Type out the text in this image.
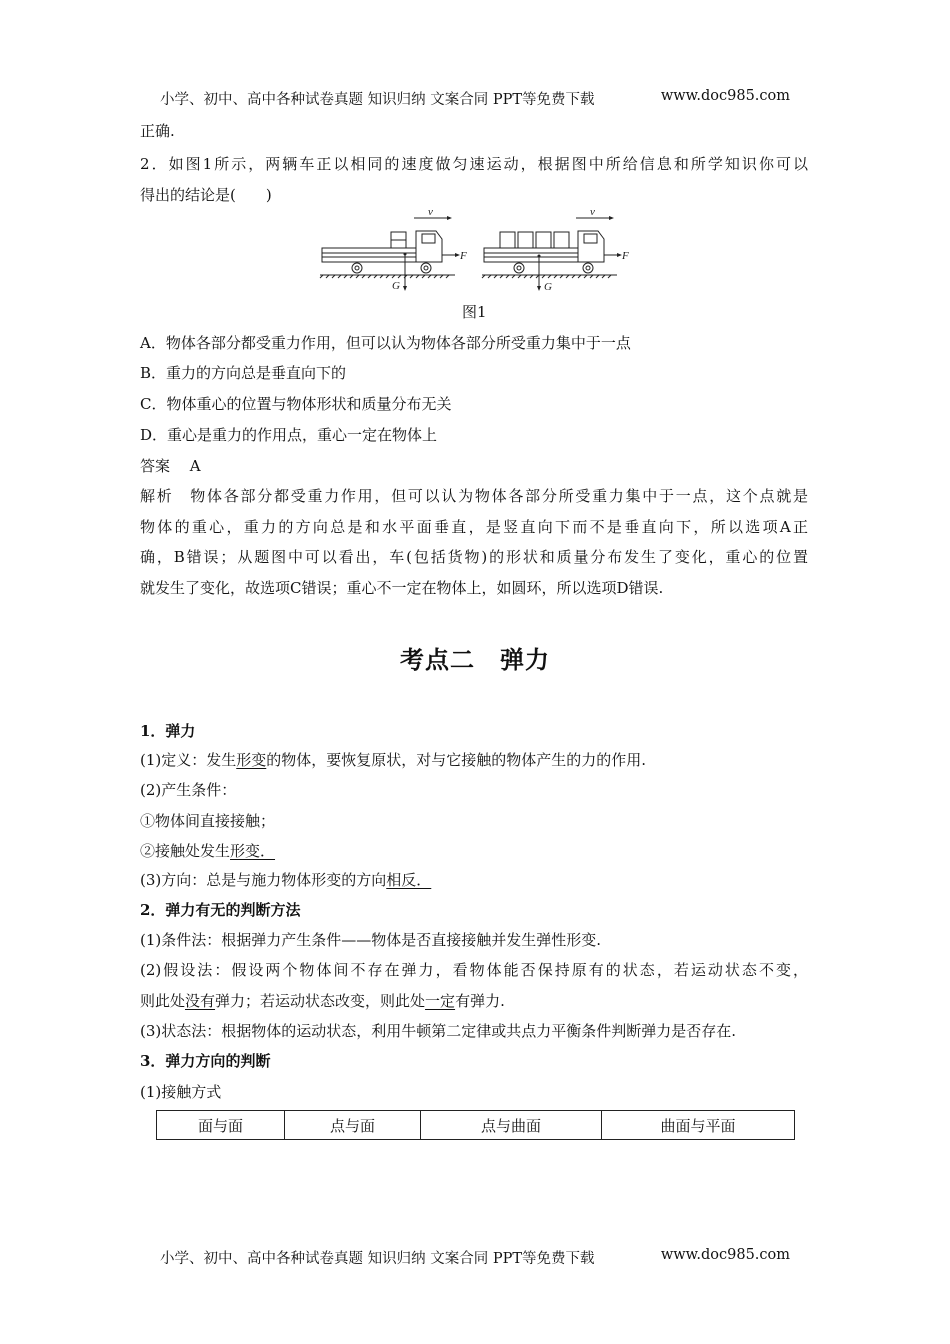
小学、初中、高中各种试卷真题 知识归纳 文案合同 PPT等免费下载	www.doc985.com
正确.
2．如图1所示，两辆车正以相同的速度做匀速运动，根据图中所给信息和所学知识你可以
得出的结论是(　　)
v
F
G
v
F
G
图1
A．物体各部分都受重力作用，但可以认为物体各部分所受重力集中于一点
B．重力的方向总是垂直向下的
C．物体重心的位置与物体形状和质量分布无关
D．重心是重力的作用点，重心一定在物体上
答案　 A
解析　 物体各部分都受重力作用，但可以认为物体各部分所受重力集中于一点，这个点就是
物体的重心，重力的方向总是和水平面垂直，是竖直向下而不是垂直向下，所以选项A正
确，B错误；从题图中可以看出，车(包括货物)的形状和质量分布发生了变化，重心的位置
就发生了变化，故选项C错误；重心不一定在物体上，如圆环，所以选项D错误.
考点二　弹力
1．弹力
(1)定义：发生形变的物体，要恢复原状，对与它接触的物体产生的力的作用.
(2)产生条件：
①物体间直接接触；
②接触处发生形变．
(3)方向：总是与施力物体形变的方向相反．
2．弹力有无的判断方法
(1)条件法：根据弹力产生条件——物体是否直接接触并发生弹性形变.
(2)假设法：假设两个物体间不存在弹力，看物体能否保持原有的状态，若运动状态不变，
则此处没有弹力；若运动状态改变，则此处一定有弹力.
(3)状态法：根据物体的运动状态，利用牛顿第二定律或共点力平衡条件判断弹力是否存在.
3．弹力方向的判断
(1)接触方式
面与面	点与面	点与曲面	曲面与平面
小学、初中、高中各种试卷真题 知识归纳 文案合同 PPT等免费下载	www.doc985.com
